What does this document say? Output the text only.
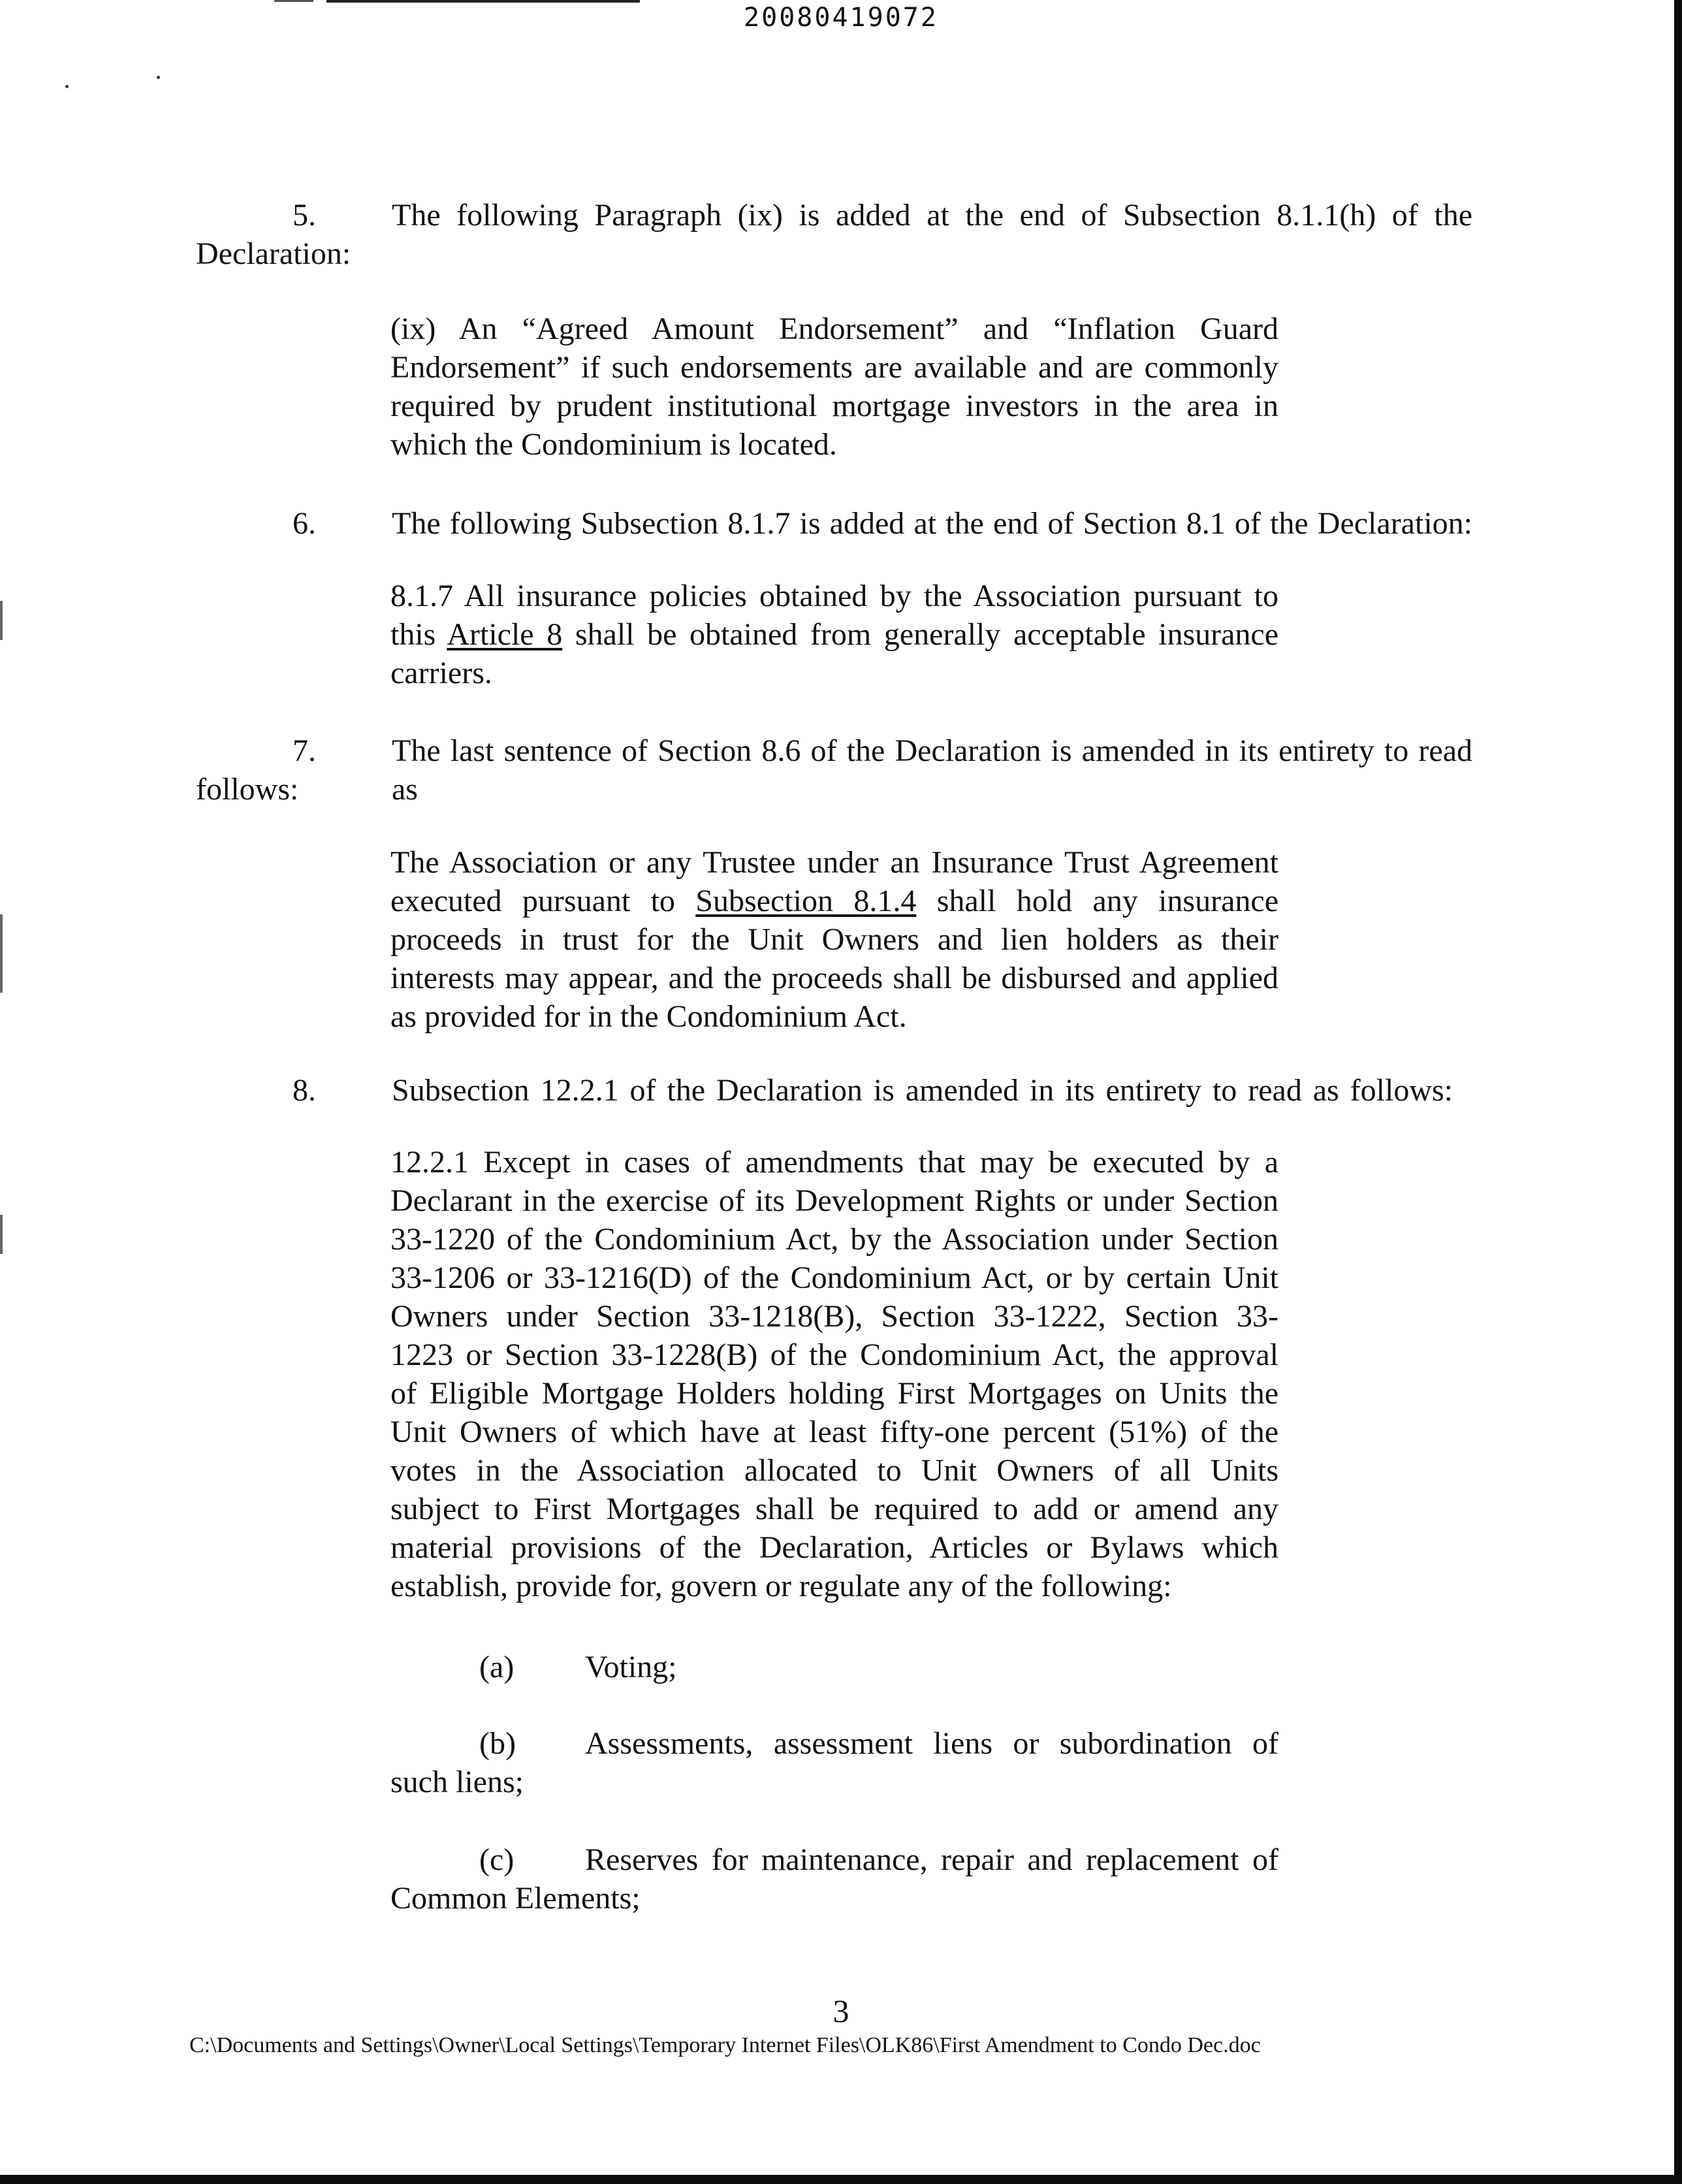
20080419072
5. The following Paragraph (ix) is added at the end of Subsection 8.1.1(h) of the
Declaration:
(ix) An “Agreed Amount Endorsement” and “Inflation Guard
Endorsement” if such endorsements are available and are commonly
required by prudent institutional mortgage investors in the area in
which the Condominium is located.
6. The following Subsection 8.1.7 is added at the end of Section 8.1 of the Declaration:
8.1.7 All insurance policies obtained by the Association pursuant to
this Article 8 shall be obtained from generally acceptable insurance
carriers.
7. The last sentence of Section 8.6 of the Declaration is amended in its entirety to read as
follows:
The Association or any Trustee under an Insurance Trust Agreement
executed pursuant to Subsection 8.1.4 shall hold any insurance
proceeds in trust for the Unit Owners and lien holders as their
interests may appear, and the proceeds shall be disbursed and applied
as provided for in the Condominium Act.
8. Subsection 12.2.1 of the Declaration is amended in its entirety to read as follows:
12.2.1 Except in cases of amendments that may be executed by a
Declarant in the exercise of its Development Rights or under Section
33-1220 of the Condominium Act, by the Association under Section
33-1206 or 33-1216(D) of the Condominium Act, or by certain Unit
Owners under Section 33-1218(B), Section 33-1222, Section 33-
1223 or Section 33-1228(B) of the Condominium Act, the approval
of Eligible Mortgage Holders holding First Mortgages on Units the
Unit Owners of which have at least fifty-one percent (51%) of the
votes in the Association allocated to Unit Owners of all Units
subject to First Mortgages shall be required to add or amend any
material provisions of the Declaration, Articles or Bylaws which
establish, provide for, govern or regulate any of the following:
(a) Voting;
(b) Assessments, assessment liens or subordination of
such liens;
(c) Reserves for maintenance, repair and replacement of
Common Elements;
3
C:\Documents and Settings\Owner\Local Settings\Temporary Internet Files\OLK86\First Amendment to Condo Dec.doc
